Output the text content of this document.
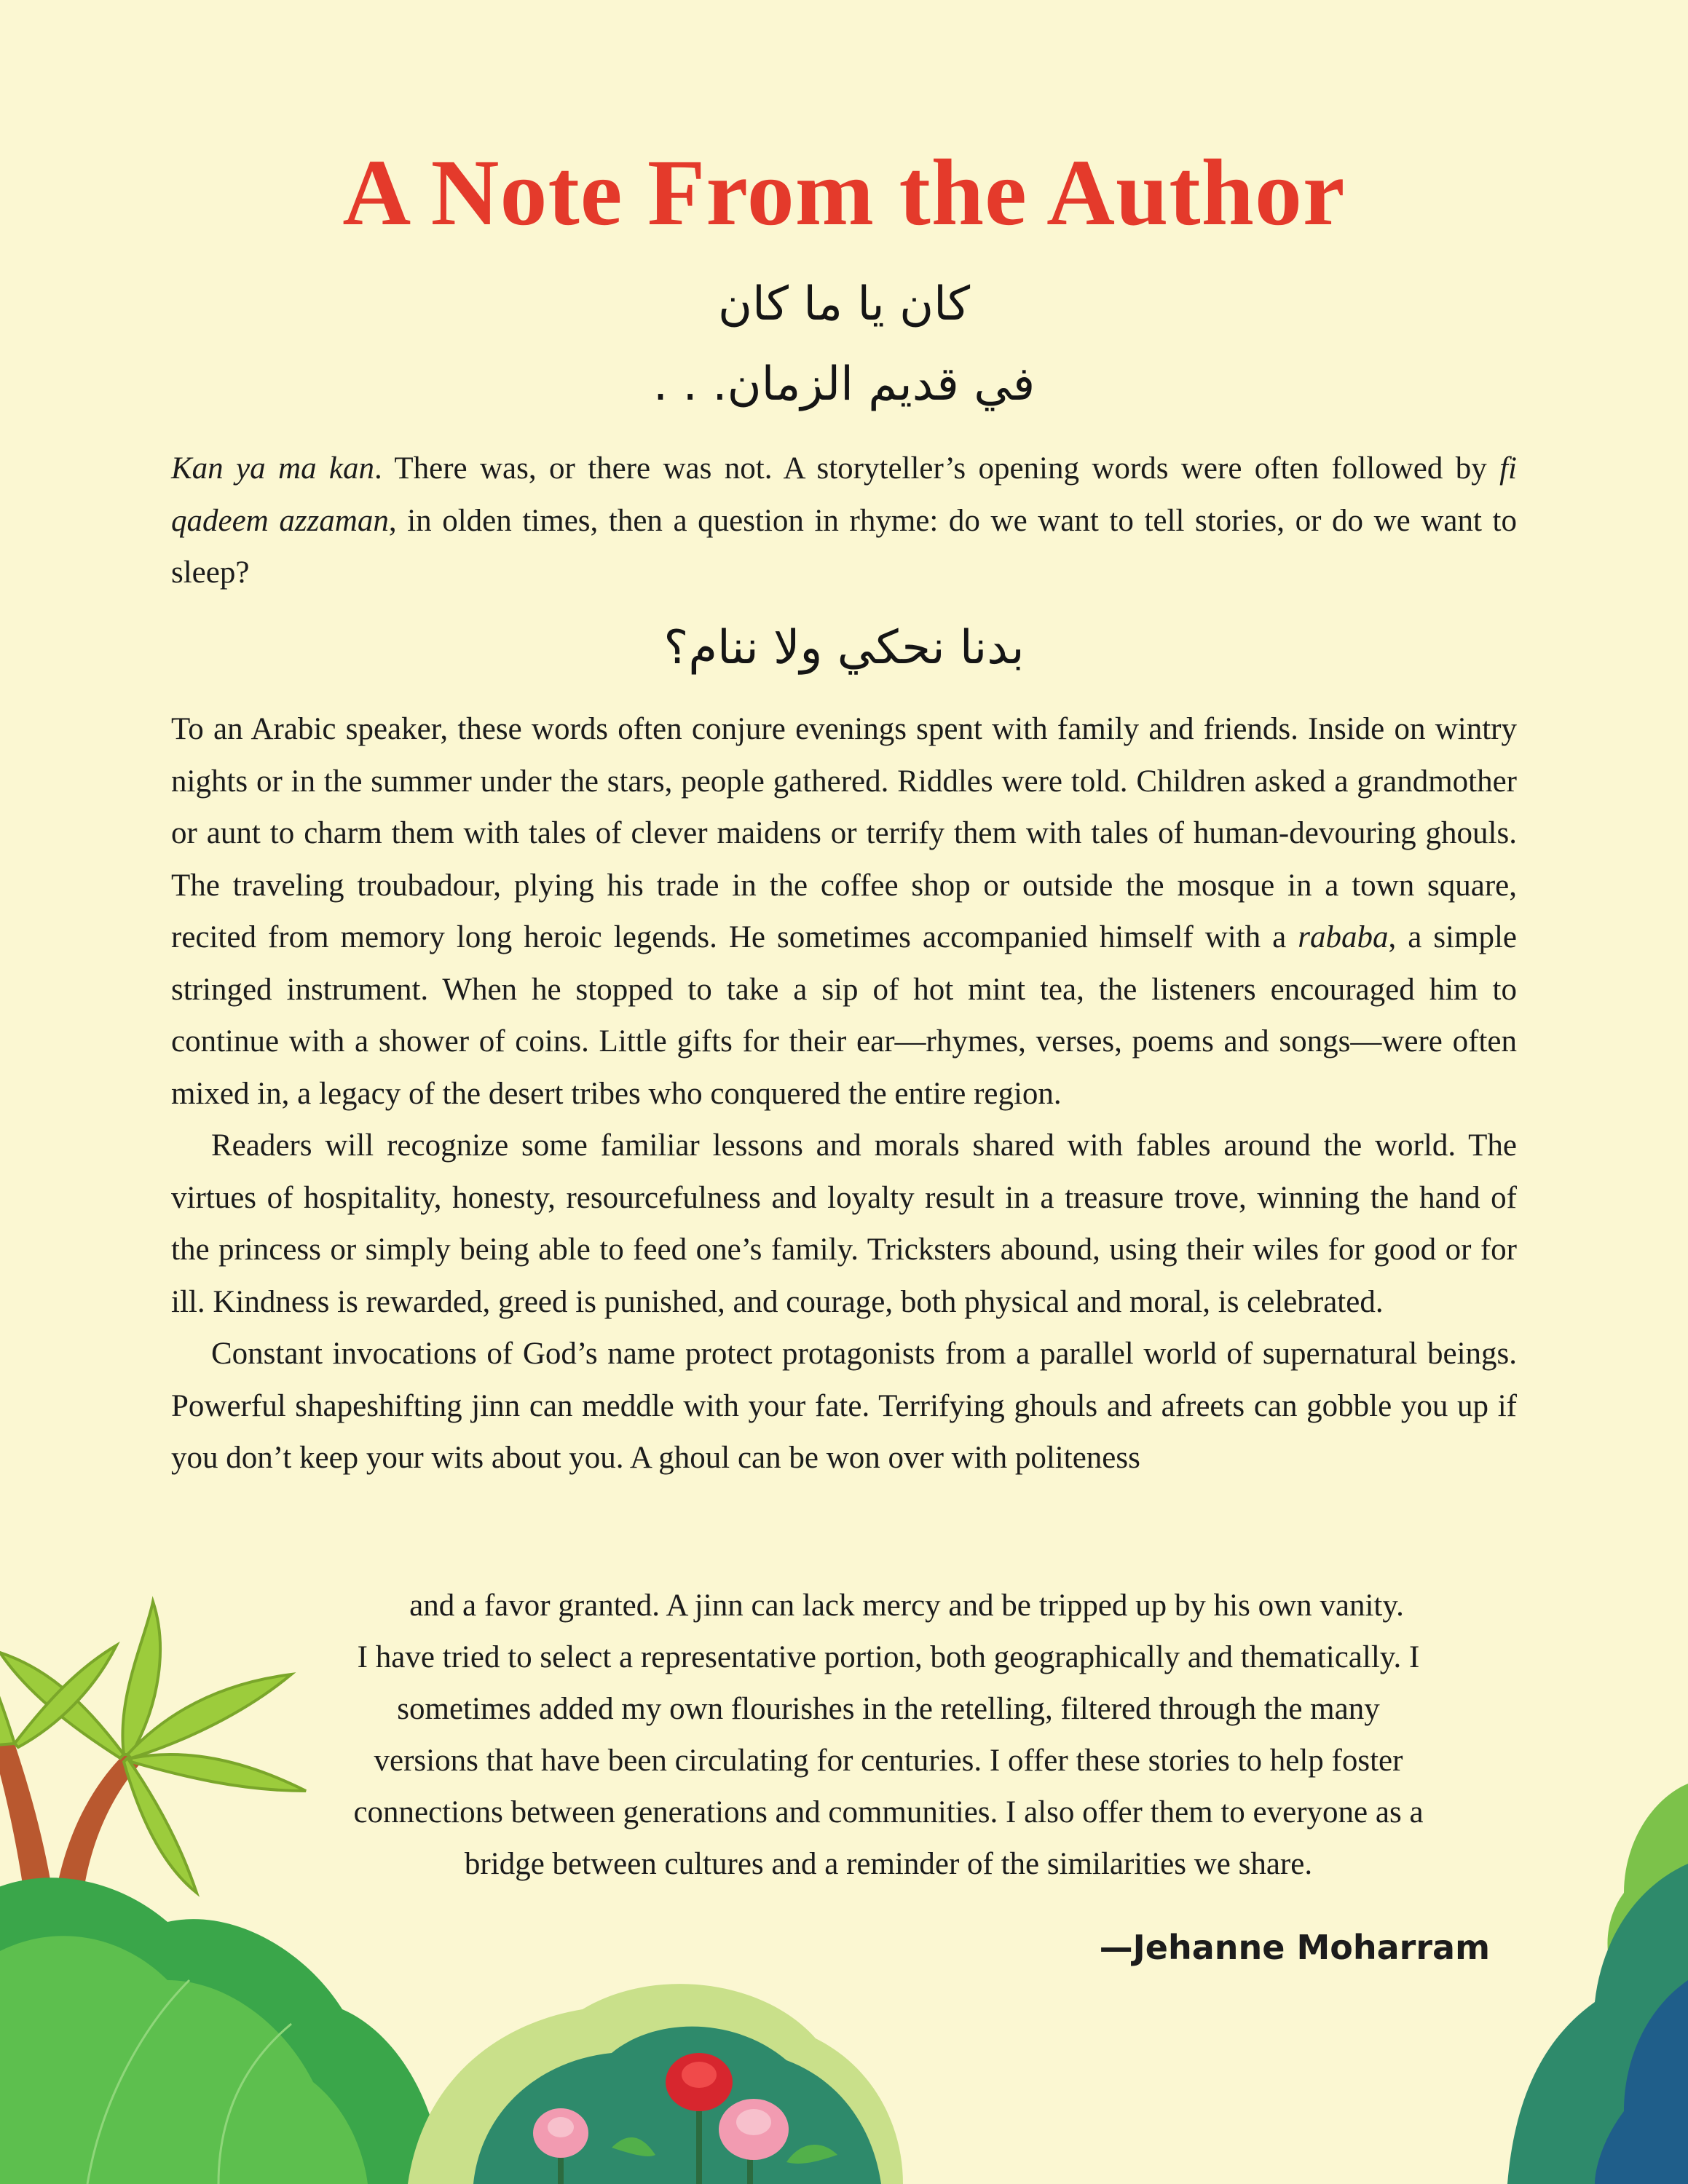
A Note From the Author
كان يا ما كان
في قديم الزمان. . .

Kan ya ma kan. There was, or there was not. A storyteller’s opening words were often followed by fi qadeem azzaman, in olden times, then a question in rhyme: do we want to tell stories, or do we want to sleep?

بدنا نحكي ولا ننام؟

To an Arabic speaker, these words often conjure evenings spent with family and friends. Inside on wintry nights or in the summer under the stars, people gathered. Riddles were told. Children asked a grandmother or aunt to charm them with tales of clever maidens or terrify them with tales of human-devouring ghouls. The traveling troubadour, plying his trade in the coffee shop or outside the mosque in a town square, recited from memory long heroic legends. He sometimes accompanied himself with a rababa, a simple stringed instrument. When he stopped to take a sip of hot mint tea, the listeners encouraged him to continue with a shower of coins. Little gifts for their ear—rhymes, verses, poems and songs—were often mixed in, a legacy of the desert tribes who conquered the entire region.

Readers will recognize some familiar lessons and morals shared with fables around the world. The virtues of hospitality, honesty, resourcefulness and loyalty result in a treasure trove, winning the hand of the princess or simply being able to feed one’s family. Tricksters abound, using their wiles for good or for ill. Kindness is rewarded, greed is punished, and courage, both physical and moral, is celebrated.

Constant invocations of God’s name protect protagonists from a parallel world of supernatural beings. Powerful shapeshifting jinn can meddle with your fate. Terrifying ghouls and afreets can gobble you up if you don’t keep your wits about you. A ghoul can be won over with politeness

and a favor granted. A jinn can lack mercy and be tripped up by his own vanity.
I have tried to select a representative portion, both geographically and thematically. I sometimes added my own flourishes in the retelling, filtered through the many versions that have been circulating for centuries. I offer these stories to help foster connections between generations and communities. I also offer them to everyone as a bridge between cultures and a reminder of the similarities we share.
—Jehanne Moharram
